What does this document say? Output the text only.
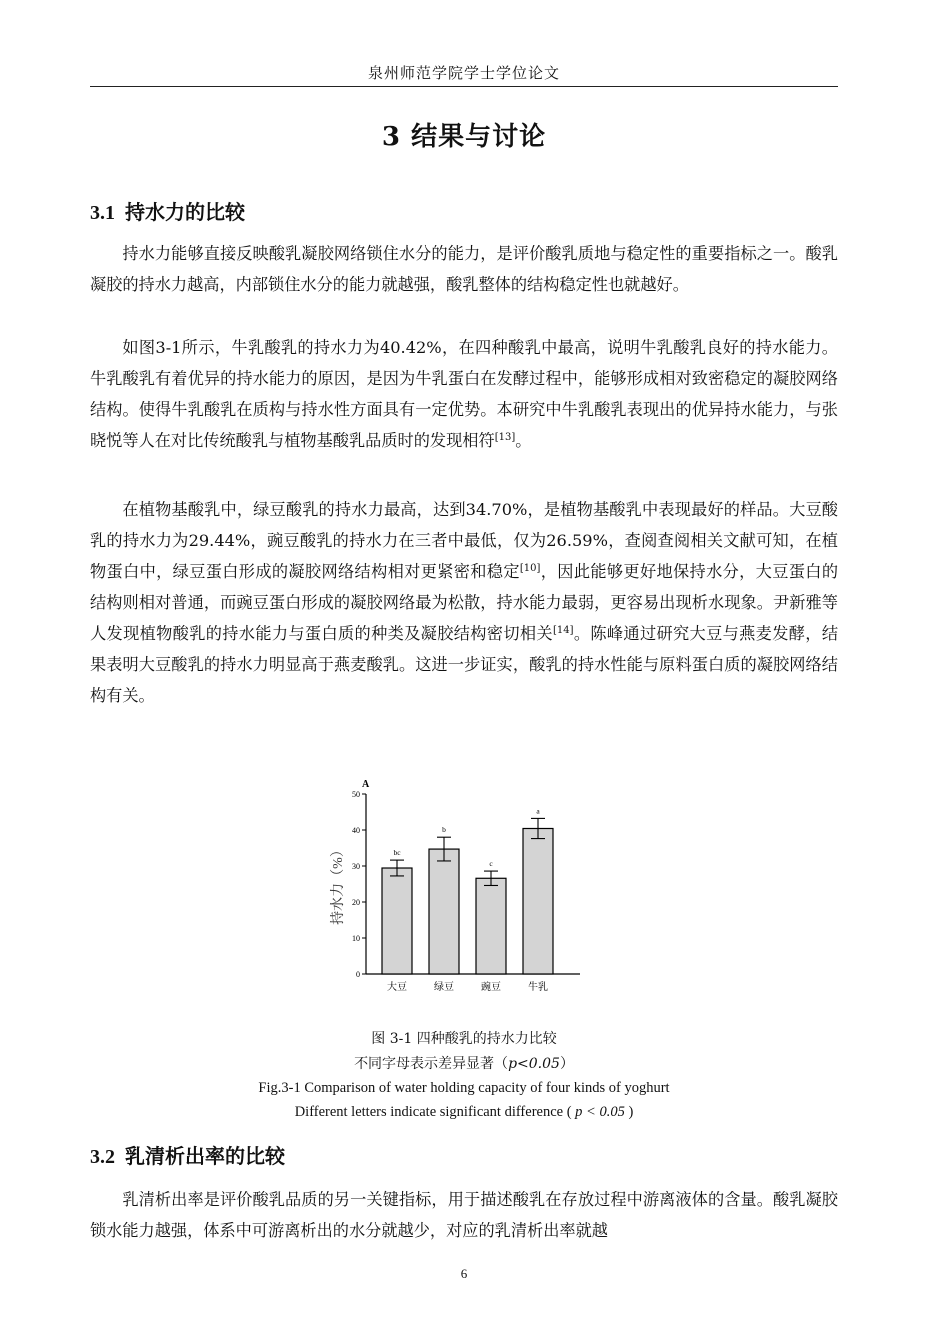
泉州师范学院学士学位论文
3 结果与讨论
3.1 持水力的比较

持水力能够直接反映酸乳凝胶网络锁住水分的能力，是评价酸乳质地与稳定性的重要指标之一。酸乳凝胶的持水力越高，内部锁住水分的能力就越强，酸乳整体的结构稳定性也就越好。

如图3-1所示，牛乳酸乳的持水力为40.42%，在四种酸乳中最高，说明牛乳酸乳良好的持水能力。牛乳酸乳有着优异的持水能力的原因，是因为牛乳蛋白在发酵过程中，能够形成相对致密稳定的凝胶网络结构。使得牛乳酸乳在质构与持水性方面具有一定优势。本研究中牛乳酸乳表现出的优异持水能力，与张晓悦等人在对比传统酸乳与植物基酸乳品质时的发现相符[13]。

在植物基酸乳中，绿豆酸乳的持水力最高，达到34.70%，是植物基酸乳中表现最好的样品。大豆酸乳的持水力为29.44%，豌豆酸乳的持水力在三者中最低，仅为26.59%，查阅查阅相关文献可知，在植物蛋白中，绿豆蛋白形成的凝胶网络结构相对更紧密和稳定[10]，因此能够更好地保持水分，大豆蛋白的结构则相对普通，而豌豆蛋白形成的凝胶网络最为松散，持水能力最弱，更容易出现析水现象。尹新雅等人发现植物酸乳的持水能力与蛋白质的种类及凝胶结构密切相关[14]。陈峰通过研究大豆与燕麦发酵，结果表明大豆酸乳的持水力明显高于燕麦酸乳。这进一步证实，酸乳的持水性能与原料蛋白质的凝胶网络结构有关。

A
0
10
20
30
40
50
持水力（%）	bc
大豆
b
绿豆
c
豌豆
a
牛乳
图 3-1 四种酸乳的持水力比较
不同字母表示差异显著（p<0.05）
Fig.3-1 Comparison of water holding capacity of four kinds of yoghurt
Different letters indicate significant difference ( p < 0.05 )
3.2 乳清析出率的比较

乳清析出率是评价酸乳品质的另一关键指标，用于描述酸乳在存放过程中游离液体的含量。酸乳凝胶锁水能力越强，体系中可游离析出的水分就越少，对应的乳清析出率就越

6
